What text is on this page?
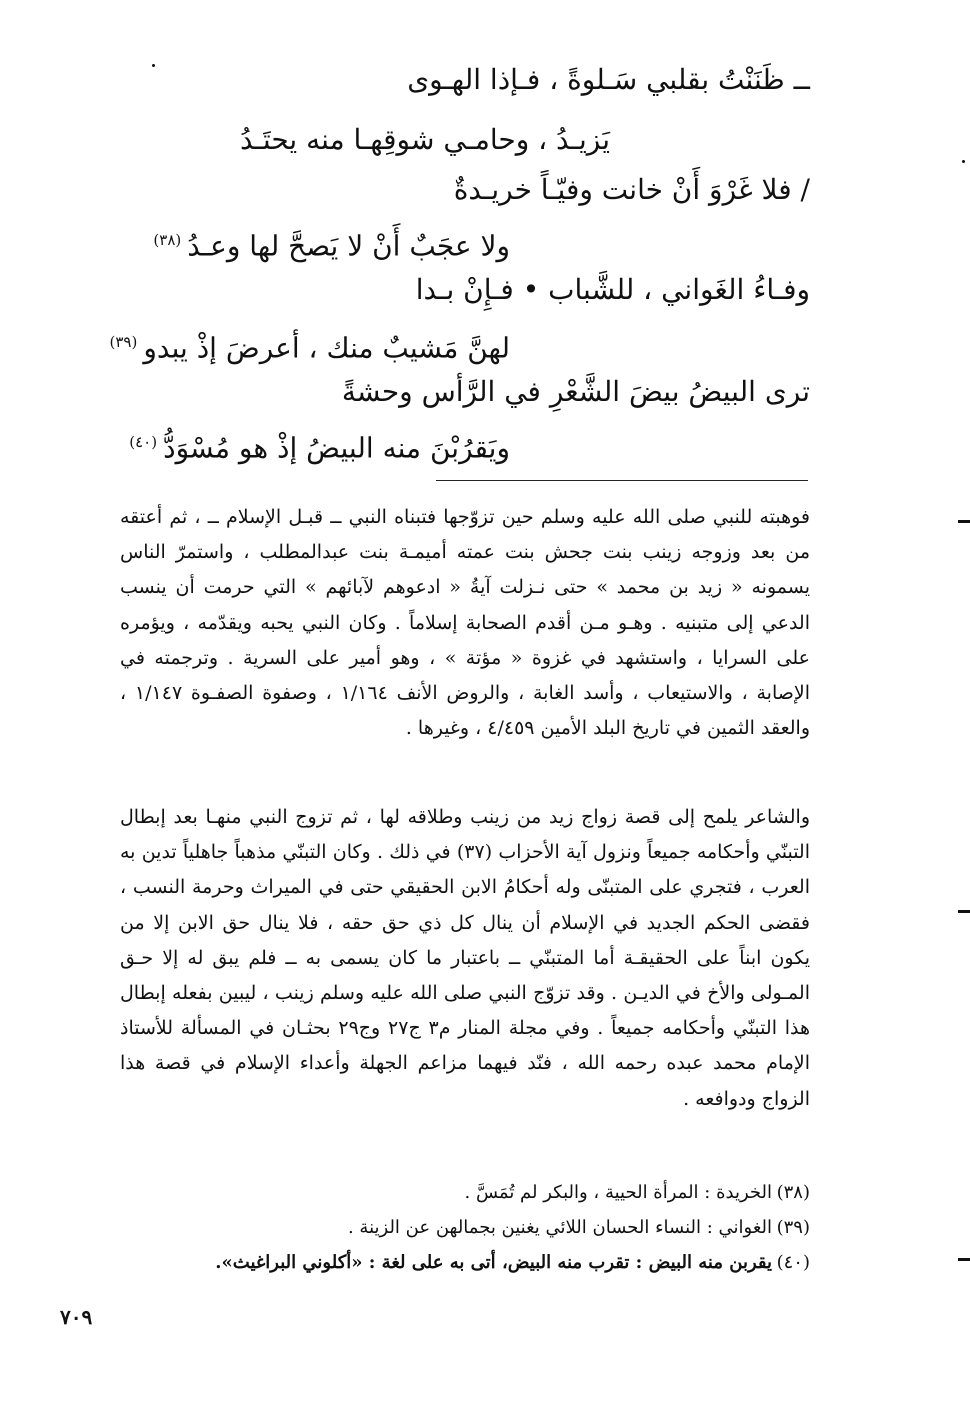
ــ ظَنَنْتُ بقلبي سَـلوةً ، فـإذا الهـوى
يَزيـدُ ، وحامـي شوقِهـا منه يحتَـدُ
/ فلا غَرْوَ أَنْ خانت وفيّـاً خريـدةٌ
ولا عجَبٌ أَنْ لا يَصحَّ لها وعـدُ$^{(٣٨)}$
وفـاءُ الغَواني ، للشَّباب • فـإِنْ بـدا
لهنَّ مَشيبٌ منك ، أعرضَ إذْ يبدو$^{(٣٩)}$
ترى البيضُ بيضَ الشَّعْرِ في الرَّأس وحشةً
ويَقرُبْنَ منه البيضُ إذْ هو مُسْوَدُّ$^{(٤٠)}$

فوهبته للنبي صلى الله عليه وسلم حين تزوّجها فتبناه النبي ــ قبـل الإسلام ــ ، ثم أعتقه من بعد وزوجه زينب بنت جحش بنت عمته أميمـة بنت عبدالمطلب ، واستمرّ الناس يسمونه « زيد بن محمد » حتى نـزلت آيةُ « ادعوهم لآبائهم » التي حرمت أن ينسب الدعي إلى متبنيه . وهـو مـن أقدم الصحابة إسلاماً . وكان النبي يحبه ويقدّمه ، ويؤمره على السرايا ، واستشهد في غزوة « مؤتة » ، وهو أمير على السرية . وترجمته في الإصابة ، والاستيعاب ، وأسد الغابة ، والروض الأنف ١/١٦٤ ، وصفوة الصفـوة ١/١٤٧ ، والعقد الثمين في تاريخ البلد الأمين ٤/٤٥٩ ، وغيرها .

والشاعر يلمح إلى قصة زواج زيد من زينب وطلاقه لها ، ثم تزوج النبي منهـا بعد إبطال التبنّي وأحكامه جميعاً ونزول آية الأحزاب (٣٧) في ذلك . وكان التبنّي مذهباً جاهلياً تدين به العرب ، فتجري على المتبنّى وله أحكامُ الابن الحقيقي حتى في الميراث وحرمة النسب ، فقضى الحكم الجديد في الإسلام أن ينال كل ذي حق حقه ، فلا ينال حق الابن إلا من يكون ابناً على الحقيقـة أما المتبنّي ــ باعتبار ما كان يسمى به ــ فلم يبق له إلا حـق المـولى والأخ في الديـن . وقد تزوّج النبي صلى الله عليه وسلم زينب ، ليبين بفعله إبطال هذا التبنّي وأحكامه جميعاً . وفي مجلة المنار م٣ ج٢٧ وج٢٩ بحثـان في المسألة للأستاذ الإمام محمد عبده رحمه الله ، فنّد فيهما مزاعم الجهلة وأعداء الإسلام في قصة هذا الزواج ودوافعه .

(٣٨)
الخريدة : المرأة الحيية ، والبكر لم تُمَسَّ .
(٣٩)
الغواني : النساء الحسان اللائي يغنين بجمالهن عن الزينة .
(٤٠)
يقربن منه البيض : تقرب منه البيض، أتى به على لغة : «أكلوني البراغيث».
٧٠٩
